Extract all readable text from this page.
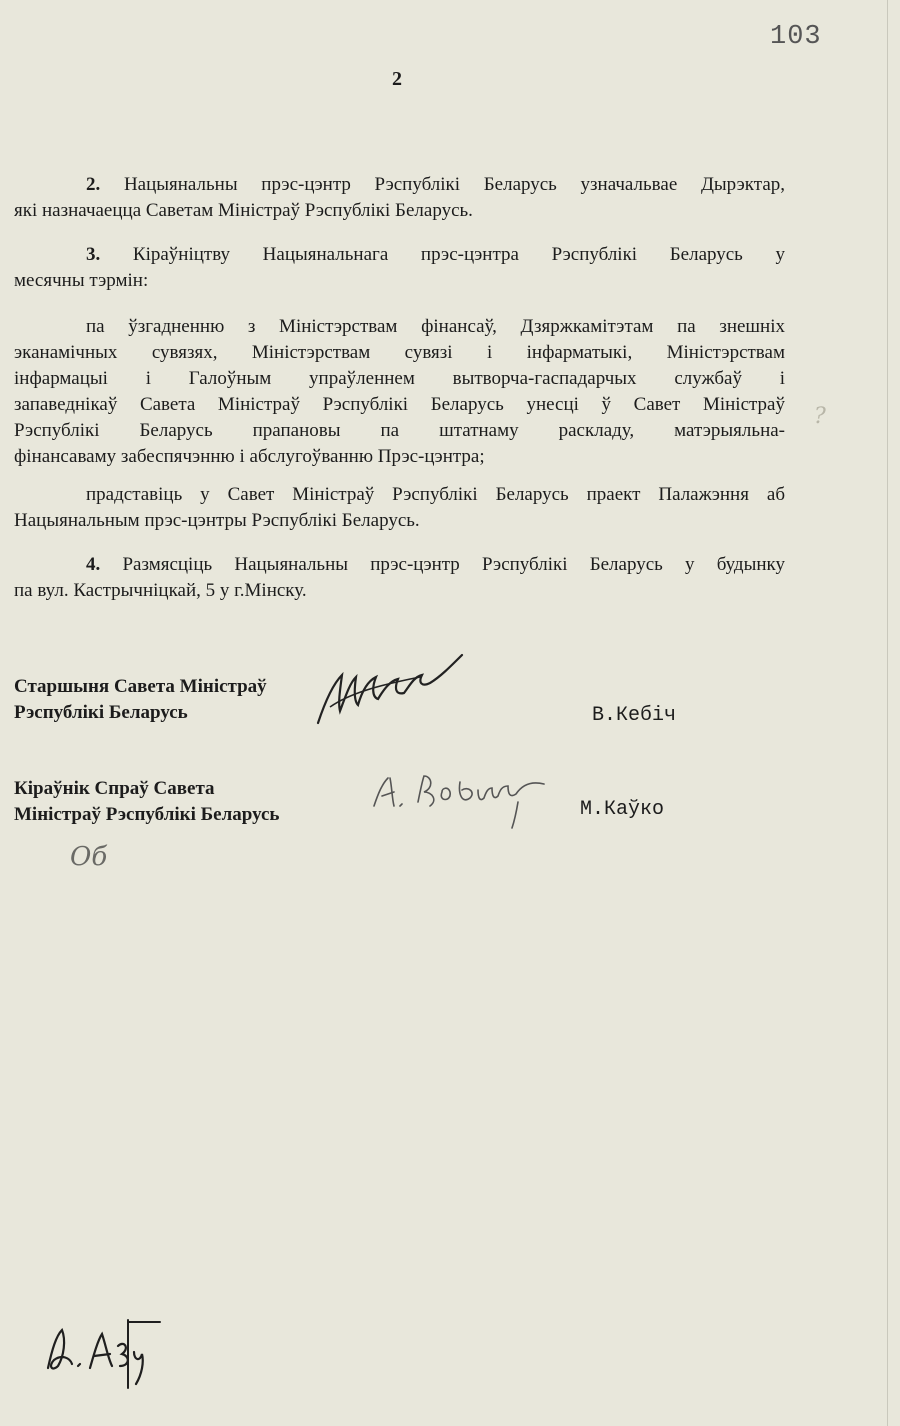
103
2
2. Нацыянальны прэс-цэнтр Рэспублікі Беларусь узначальвае Дырэктар,
які назначаецца Саветам Міністраў Рэспублікі Беларусь.
3. Кіраўніцтву Нацыянальнага прэс-цэнтра Рэспублікі Беларусь у
месячны тэрмін:
па ўзгадненню з Міністэрствам фінансаў, Дзяржкамітэтам па знешніх
эканамічных сувязях, Міністэрствам сувязі і інфарматыкі, Міністэрствам
інфармацыі і Галоўным упраўленнем вытворча-гаспадарчых службаў і
запаведнікаў Савета Міністраў Рэспублікі Беларусь унесці ў Савет Міністраў
Рэспублікі Беларусь прапановы па штатнаму раскладу, матэрыяльна-
фінансаваму забеспячэнню і абслугоўванню Прэс-цэнтра;
прадставіць у Савет Міністраў Рэспублікі Беларусь праект Палажэння аб
Нацыянальным прэс-цэнтры Рэспублікі Беларусь.
4. Размясціць Нацыянальны прэс-цэнтр Рэспублікі Беларусь у будынку
па вул. Кастрычніцкай, 5 у г.Мінску.
Старшыня Савета Міністраў
Рэспублікі Беларусь	В.Кебіч
Кіраўнік Спраў Савета
Міністраў Рэспублікі Беларусь	М.Каўко
Об
?
